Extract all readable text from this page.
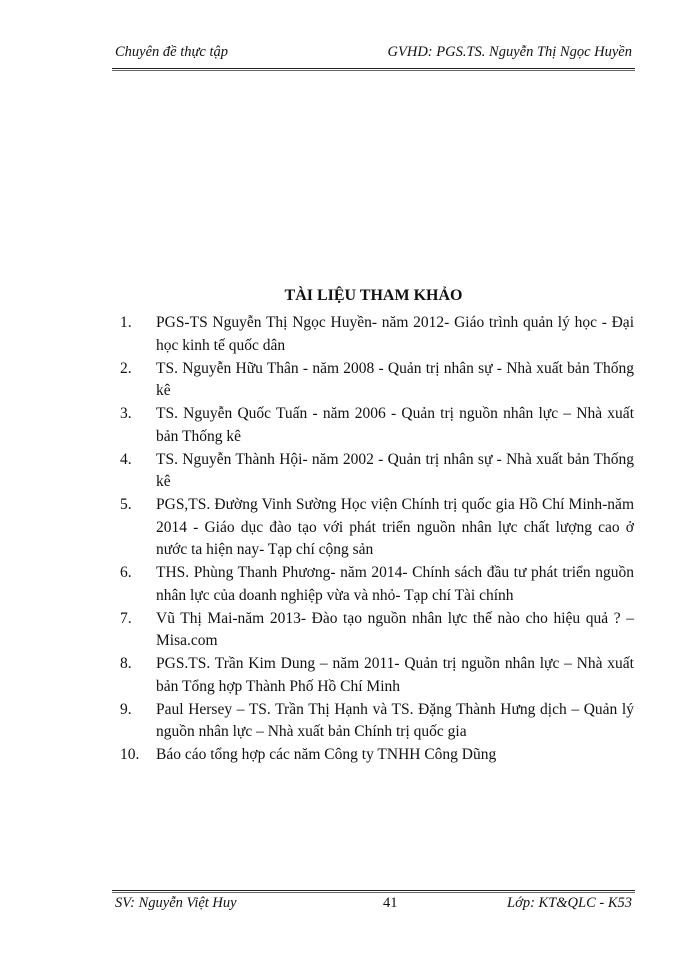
Chuyên đề thực tập	GVHD: PGS.TS. Nguyễn Thị Ngọc Huyền
TÀI LIỆU THAM KHẢO
1.	PGS-TS Nguyễn Thị Ngọc Huyền- năm 2012- Giáo trình quản lý học - Đại học kinh tế quốc dân
2.	TS. Nguyễn Hữu Thân - năm 2008 - Quản trị nhân sự - Nhà xuất bản Thống kê
3.	TS. Nguyễn Quốc Tuấn - năm 2006 - Quản trị nguồn nhân lực – Nhà xuất bản Thống kê
4.	TS. Nguyễn Thành Hội- năm 2002 - Quản trị nhân sự - Nhà xuất bản Thống kê
5.	PGS,TS. Đường Vinh Sường Học viện Chính trị quốc gia Hồ Chí Minh-năm 2014 - Giáo dục đào tạo với phát triển nguồn nhân lực chất lượng cao ở nước ta hiện nay- Tạp chí cộng sản
6.	THS. Phùng Thanh Phương- năm 2014- Chính sách đầu tư phát triển nguồn nhân lực của doanh nghiệp vừa và nhỏ- Tạp chí Tài chính
7.	Vũ Thị Mai-năm 2013- Đào tạo nguồn nhân lực thế nào cho hiệu quả ? – Misa.com
8.	PGS.TS. Trần Kim Dung – năm 2011- Quản trị nguồn nhân lực – Nhà xuất bản Tổng hợp Thành Phố Hồ Chí Minh
9.	Paul Hersey – TS. Trần Thị Hạnh và TS. Đặng Thành Hưng dịch – Quản lý nguồn nhân lực – Nhà xuất bản Chính trị quốc gia
10.	Báo cáo tổng hợp các năm Công ty TNHH Công Dũng
SV: Nguyễn Việt Huy	41	Lớp: KT&QLC - K53
